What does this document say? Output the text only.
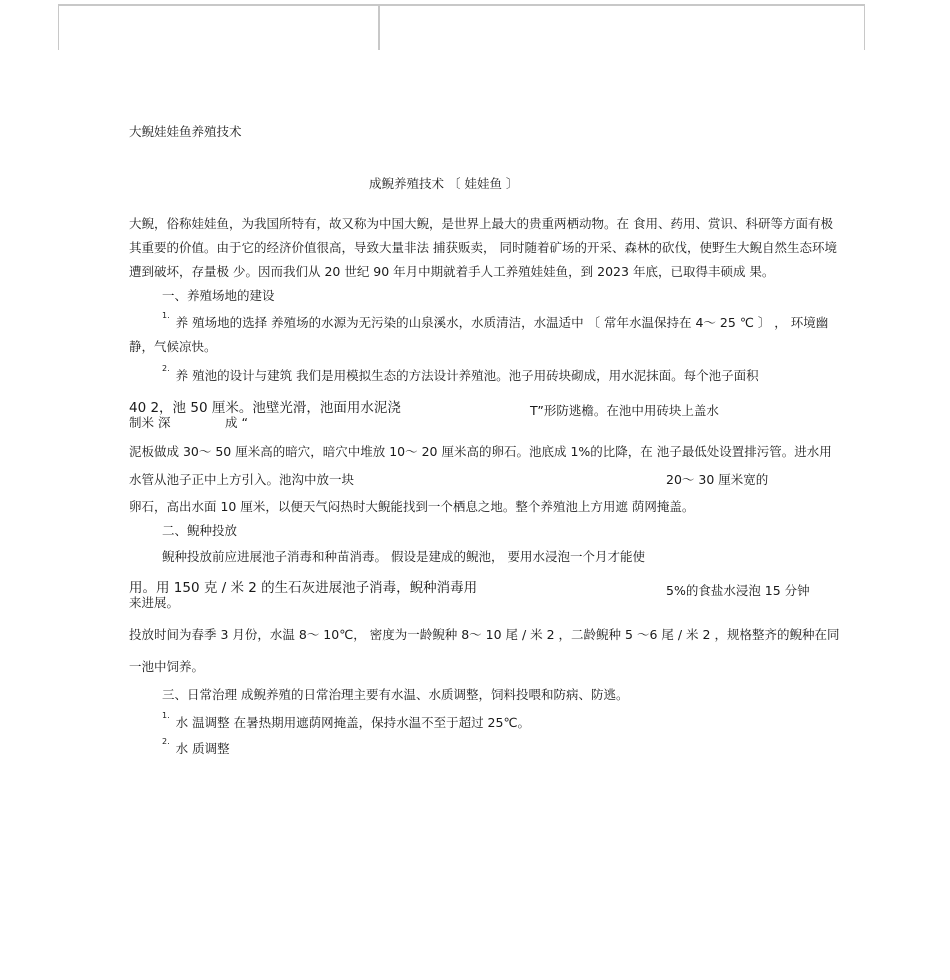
大鲵娃娃鱼养殖技术
成鲵养殖技术 〔 娃娃鱼 〕
大鲵，俗称娃娃鱼，为我国所特有，故又称为中国大鲵，是世界上最大的贵重两栖动物。在 食用、药用、赏识、科研等方面有极
其重要的价值。由于它的经济价值很高，导致大量非法 捕获贩卖， 同时随着矿场的开采、森林的砍伐，使野生大鲵自然生态环境
遭到破坏，存量极 少。因而我们从 20 世纪 90 年月中期就着手人工养殖娃娃鱼，到 2023 年底，已取得丰硕成 果。
一、养殖场地的建设
$^{1.}$ 养 殖场地的选择 养殖场的水源为无污染的山泉溪水，水质清洁，水温适中 〔 常年水温保持在 4～ 25 ℃ 〕 ， 环境幽
静，气候凉快。
$^{2.}$ 养 殖池的设计与建筑 我们是用模拟生态的方法设计养殖池。池子用砖块砌成，用水泥抹面。每个池子面积
40 2，池 50 厘米。池壁光滑，池面用水泥浇	T”形防逃檐。在池中用砖块上盖水
制米 深	成 “
泥板做成 30～ 50 厘米高的暗穴，暗穴中堆放 10～ 20 厘米高的卵石。池底成 1%的比降，在 池子最低处设置排污管。进水用
水管从池子正中上方引入。池沟中放一块	20～ 30 厘米宽的
卵石，高出水面 10 厘米，以便天气闷热时大鲵能找到一个栖息之地。整个养殖池上方用遮 荫网掩盖。
二、鲵种投放
鲵种投放前应进展池子消毒和种苗消毒。 假设是建成的鲵池， 要用水浸泡一个月才能使
用。用 150 克 / 米 2 的生石灰进展池子消毒，鲵种消毒用	5%的食盐水浸泡 15 分钟
来进展。
投放时间为春季 3 月份，水温 8～ 10℃， 密度为一龄鲵种 8～ 10 尾 / 米 2 ，二龄鲵种 5 ～6 尾 / 米 2 ，规格整齐的鲵种在同
一池中饲养。
三、日常治理 成鲵养殖的日常治理主要有水温、水质调整，饲料投喂和防病、防逃。
$^{1.}$ 水 温调整 在暑热期用遮荫网掩盖，保持水温不至于超过 25℃。
$^{2.}$ 水 质调整
